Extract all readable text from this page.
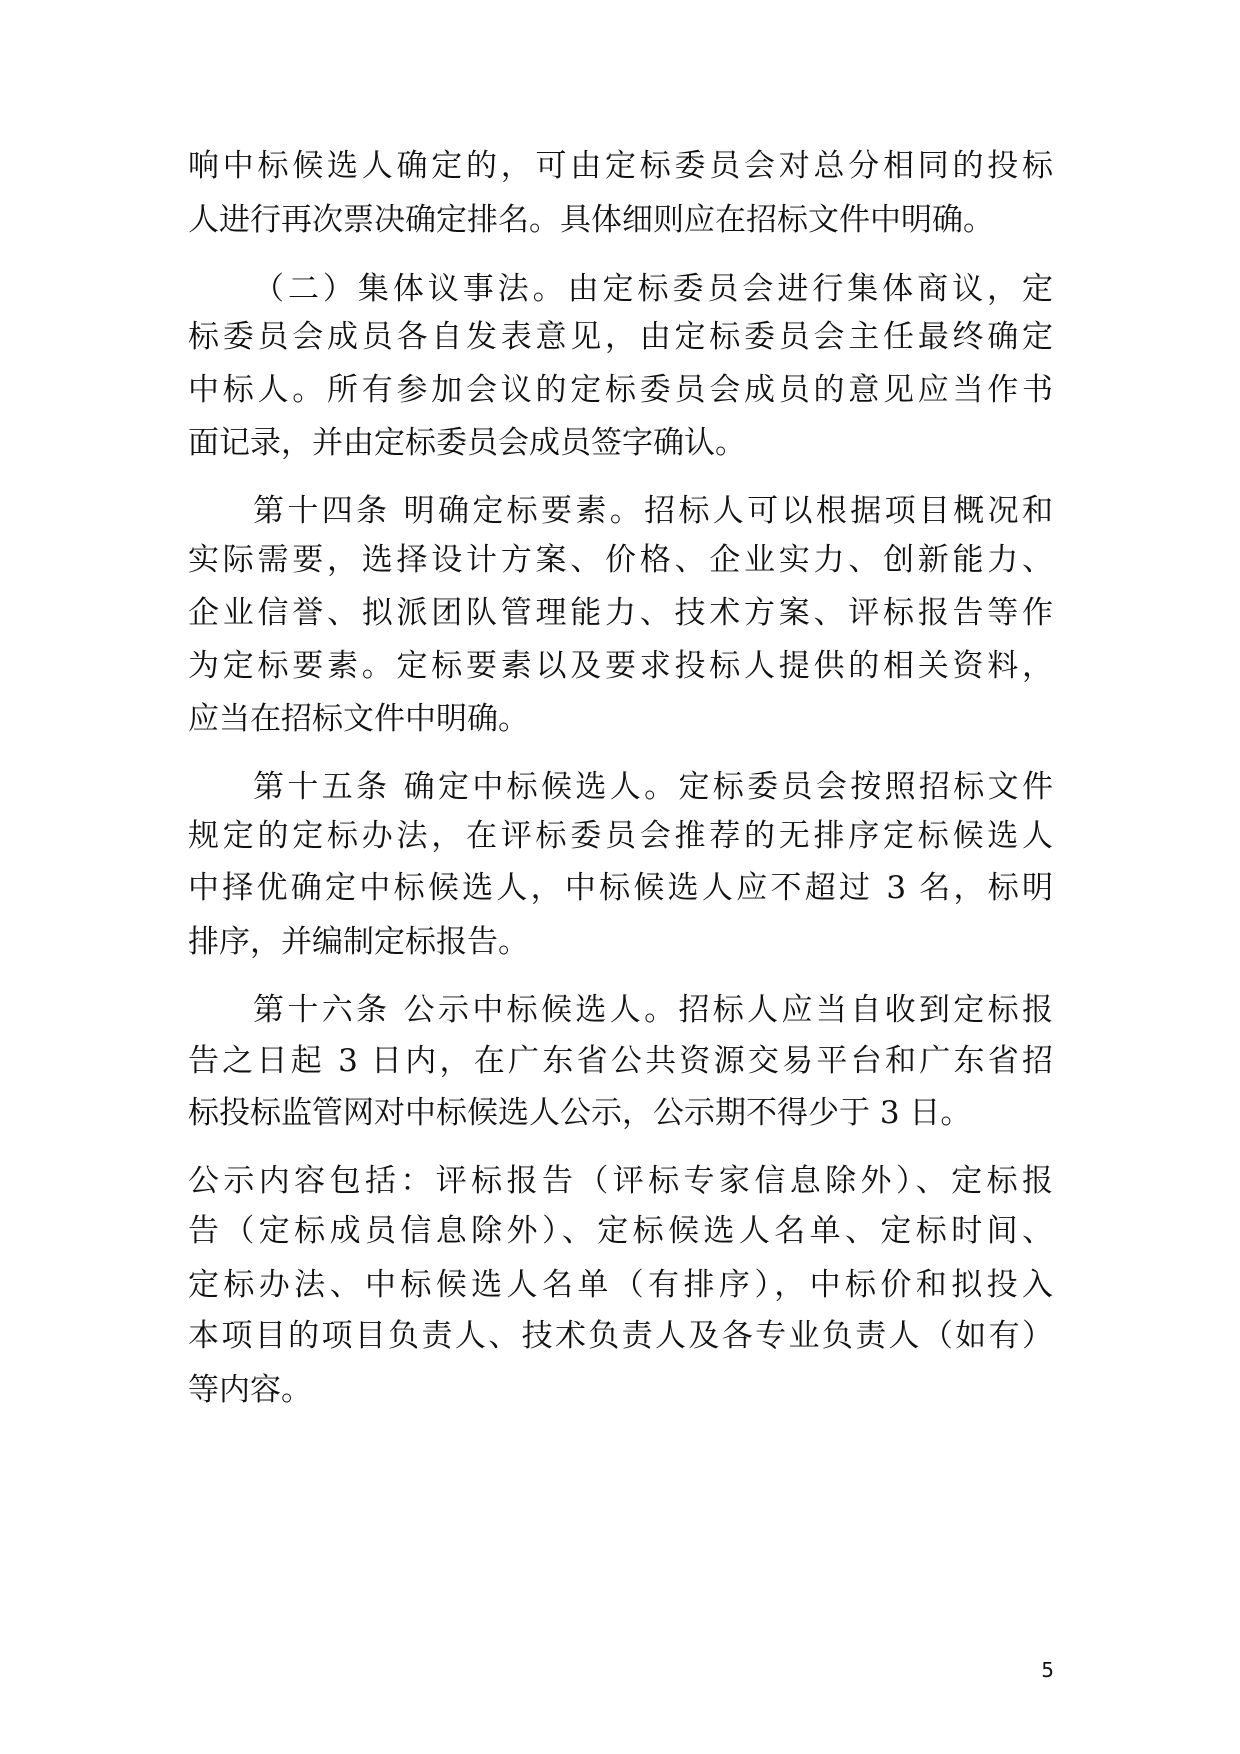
响中标候选人确定的，可由定标委员会对总分相同的投标
人进行再次票决确定排名。具体细则应在招标文件中明确。
（二）集体议事法。由定标委员会进行集体商议，定
标委员会成员各自发表意见，由定标委员会主任最终确定
中标人。所有参加会议的定标委员会成员的意见应当作书
面记录，并由定标委员会成员签字确认。
第十四条 明确定标要素。招标人可以根据项目概况和
实际需要，选择设计方案、价格、企业实力、创新能力、
企业信誉、拟派团队管理能力、技术方案、评标报告等作
为定标要素。定标要素以及要求投标人提供的相关资料，
应当在招标文件中明确。
第十五条 确定中标候选人。定标委员会按照招标文件
规定的定标办法，在评标委员会推荐的无排序定标候选人
中择优确定中标候选人，中标候选人应不超过 3 名，标明
排序，并编制定标报告。
第十六条 公示中标候选人。招标人应当自收到定标报
告之日起 3 日内，在广东省公共资源交易平台和广东省招
标投标监管网对中标候选人公示，公示期不得少于 3 日。
公示内容包括：评标报告（评标专家信息除外）、定标报
告（定标成员信息除外）、定标候选人名单、定标时间、
定标办法、中标候选人名单（有排序），中标价和拟投入
本项目的项目负责人、技术负责人及各专业负责人（如有）
等内容。
5
